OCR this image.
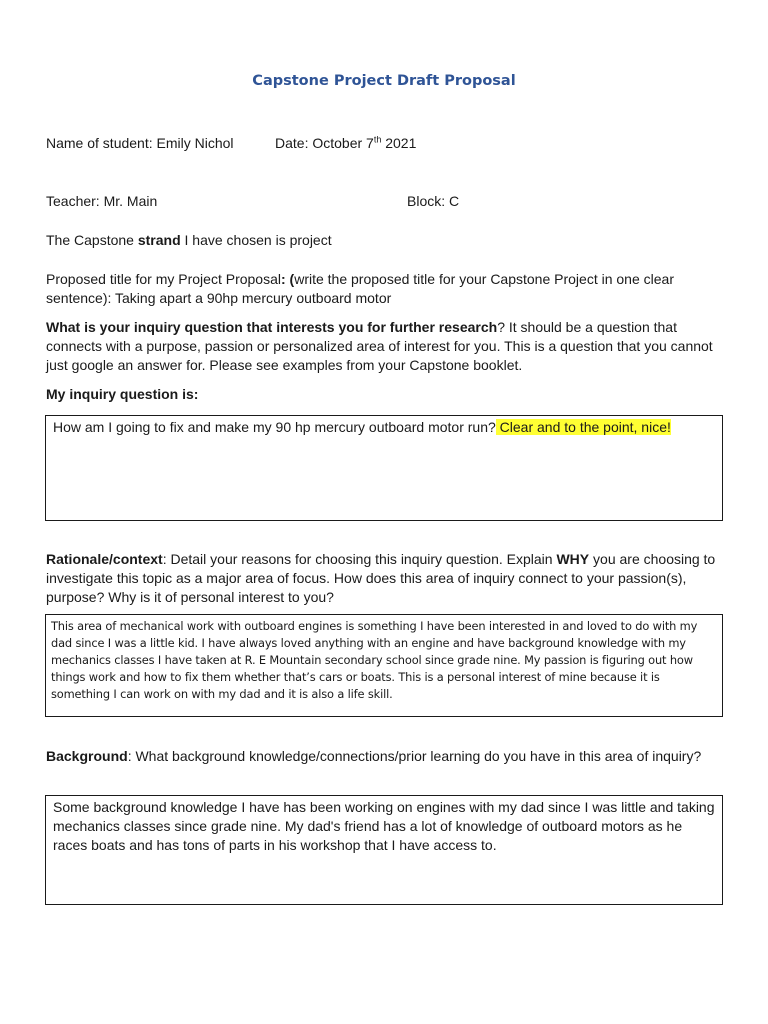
Capstone Project Draft Proposal
Name of student: Emily Nichol	Date: October 7th 2021
Teacher: Mr. Main	Block: C
The Capstone strand I have chosen is project
Proposed title for my Project Proposal: (write the proposed title for your Capstone Project in one clear sentence): Taking apart a 90hp mercury outboard motor
What is your inquiry question that interests you for further research? It should be a question that connects with a purpose, passion or personalized area of interest for you. This is a question that you cannot just google an answer for. Please see examples from your Capstone booklet.
My inquiry question is:
How am I going to fix and make my 90 hp mercury outboard motor run? Clear and to the point, nice!
Rationale/context: Detail your reasons for choosing this inquiry question. Explain WHY you are choosing to investigate this topic as a major area of focus. How does this area of inquiry connect to your passion(s), purpose? Why is it of personal interest to you?
This area of mechanical work with outboard engines is something I have been interested in and loved to do with my dad since I was a little kid. I have always loved anything with an engine and have background knowledge with my mechanics classes I have taken at R. E Mountain secondary school since grade nine. My passion is figuring out how things work and how to fix them whether that’s cars or boats. This is a personal interest of mine because it is something I can work on with my dad and it is also a life skill.
Background: What background knowledge/connections/prior learning do you have in this area of inquiry?
Some background knowledge I have has been working on engines with my dad since I was little and taking mechanics classes since grade nine. My dad's friend has a lot of knowledge of outboard motors as he races boats and has tons of parts in his workshop that I have access to.
